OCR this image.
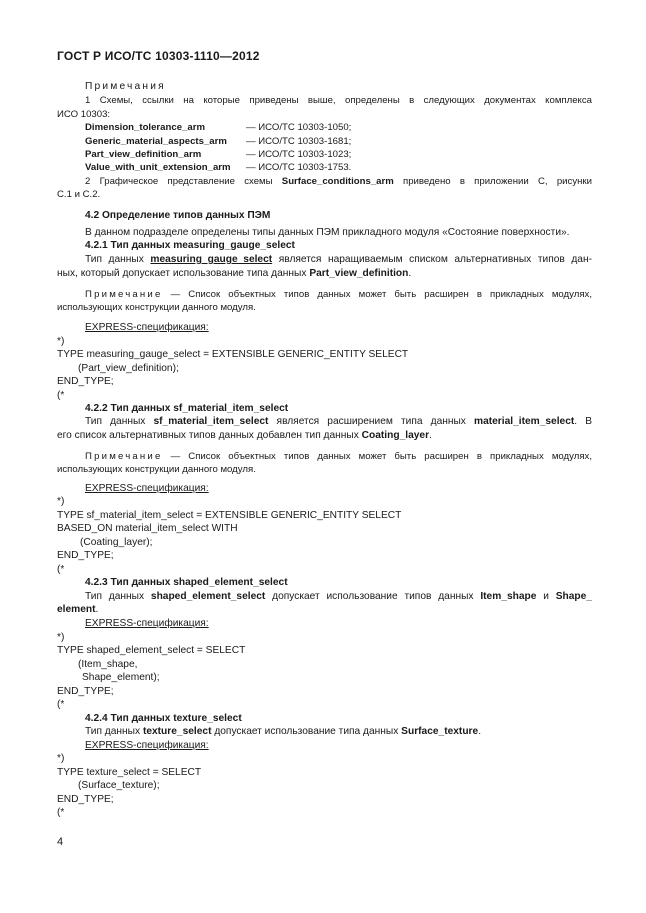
ГОСТ Р ИСО/ТС 10303-1110—2012
Примечания
1 Схемы, ссылки на которые приведены выше, определены в следующих документах комплекса
ИСО 10303:
Dimension_tolerance_arm	— ИСО/ТС 10303-1050;
Generic_material_aspects_arm — ИСО/ТС 10303-1681;
Part_view_definition_arm	— ИСО/ТС 10303-1023;
Value_with_unit_extension_arm — ИСО/ТС 10303-1753.
2 Графическое представление схемы Surface_conditions_arm приведено в приложении С, рисунки
С.1 и С.2.
4.2 Определение типов данных ПЭМ
В данном подразделе определены типы данных ПЭМ прикладного модуля «Состояние поверхности».
4.2.1 Тип данных measuring_gauge_select
Тип данных measuring_gauge_select является наращиваемым списком альтернативных типов дан-
ных, который допускает использование типа данных Part_view_definition.
Примечание — Список объектных типов данных может быть расширен в прикладных модулях,
использующих конструкции данного модуля.
EXPRESS-спецификация:
*)
TYPE measuring_gauge_select = EXTENSIBLE GENERIC_ENTITY SELECT
(Part_view_definition);
END_TYPE;
(*
4.2.2 Тип данных sf_material_item_select
Тип данных sf_material_item_select является расширением типа данных material_item_select. В
его список альтернативных типов данных добавлен тип данных Coating_layer.
Примечание — Список объектных типов данных может быть расширен в прикладных модулях,
использующих конструкции данного модуля.
EXPRESS-спецификация:
*)
TYPE sf_material_item_select = EXTENSIBLE GENERIC_ENTITY SELECT
BASED_ON material_item_select WITH
(Coating_layer);
END_TYPE;
(*
4.2.3 Тип данных shaped_element_select
Тип данных shaped_element_select допускает использование типов данных Item_shape и Shape_
element.
EXPRESS-спецификация:
*)
TYPE shaped_element_select = SELECT
(Item_shape,
Shape_element);
END_TYPE;
(*
4.2.4 Тип данных texture_select
Тип данных texture_select допускает использование типа данных Surface_texture.
EXPRESS-спецификация:
*)
TYPE texture_select = SELECT
(Surface_texture);
END_TYPE;
(*
4
